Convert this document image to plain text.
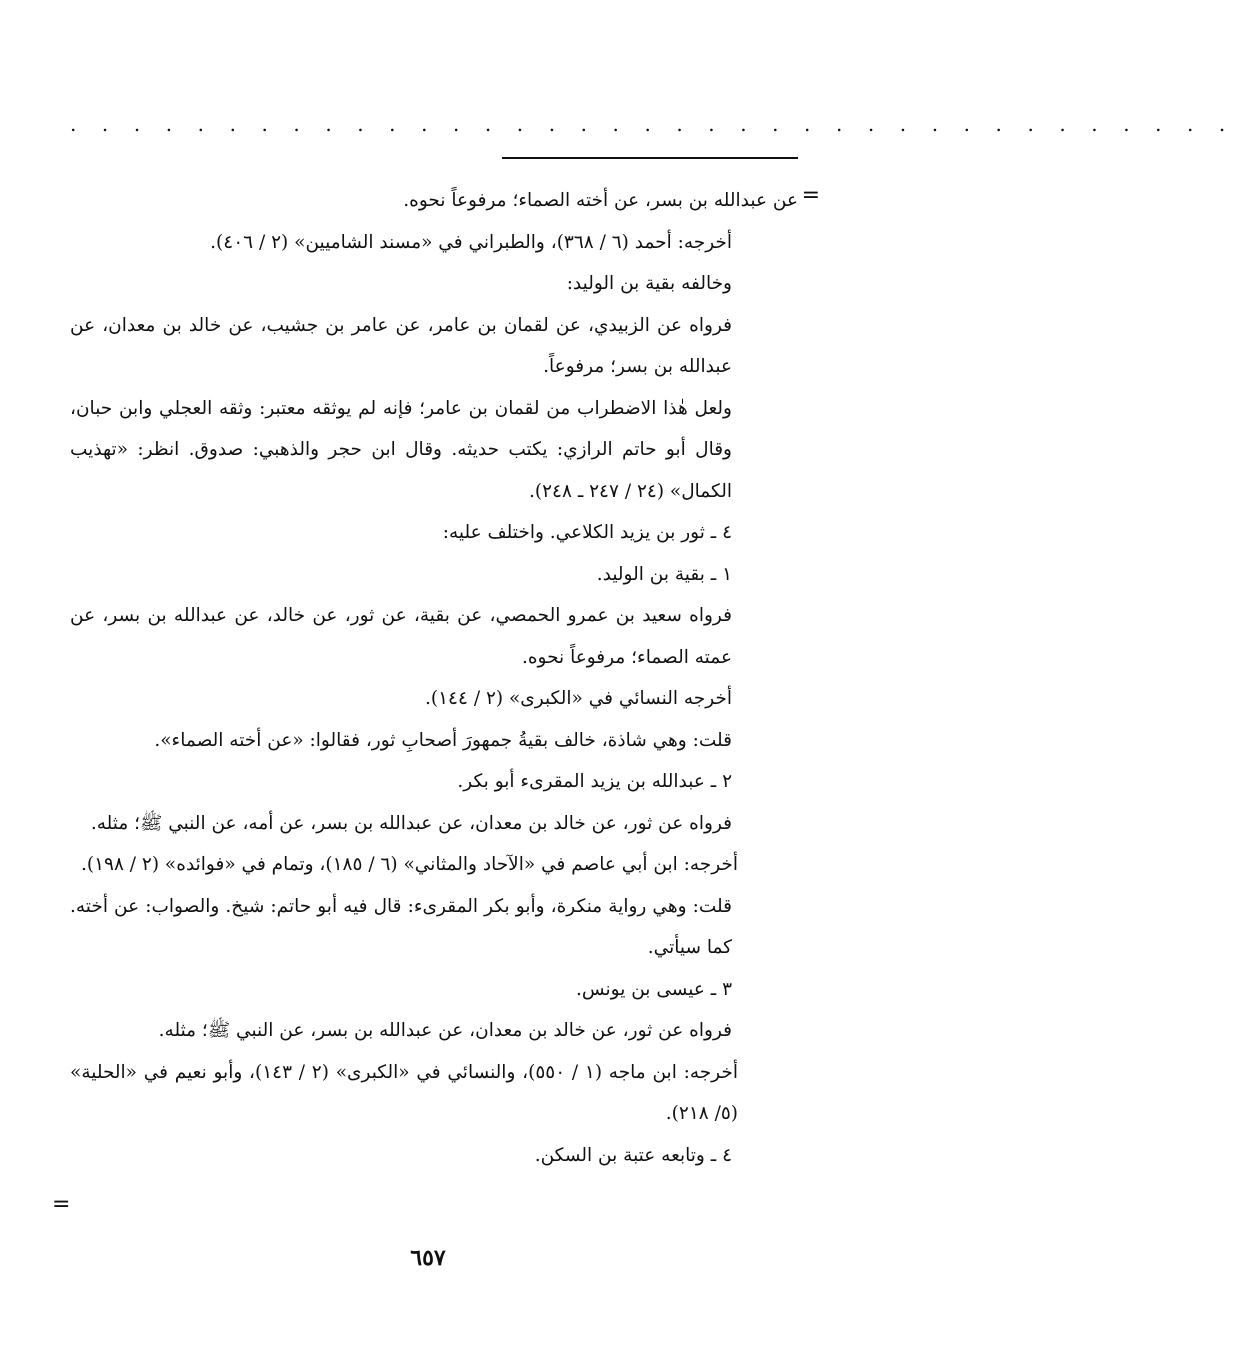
. . . . . . . . . . . . . . . . . . . . . . . . . . . . . . . . . . . . .
=

عن عبدالله بن بسر، عن أخته الصماء؛ مرفوعاً نحوه.

أخرجه: أحمد (٦ / ٣٦٨)، والطبراني في «مسند الشاميين» (٢ / ٤٠٦).

وخالفه بقية بن الوليد:

فرواه عن الزبيدي، عن لقمان بن عامر، عن عامر بن جشيب، عن خالد بن معدان، عن عبدالله بن بسر؛ مرفوعاً.

ولعل هٰذا الاضطراب من لقمان بن عامر؛ فإنه لم يوثقه معتبر: وثقه العجلي وابن حبان، وقال أبو حاتم الرازي: يكتب حديثه. وقال ابن حجر والذهبي: صدوق. انظر: «تهذيب الكمال» (٢٤ / ٢٤٧ ـ ٢٤٨).

٤ ـ ثور بن يزيد الكلاعي. واختلف عليه:

١ ـ بقية بن الوليد.

فرواه سعيد بن عمرو الحمصي، عن بقية، عن ثور، عن خالد، عن عبدالله بن بسر، عن عمته الصماء؛ مرفوعاً نحوه.

أخرجه النسائي في «الكبرى» (٢ / ١٤٤).

قلت: وهي شاذة، خالف بقيةُ جمهورَ أصحابِ ثور، فقالوا: «عن أخته الصماء».

٢ ـ عبدالله بن يزيد المقرىء أبو بكر.

فرواه عن ثور، عن خالد بن معدان، عن عبدالله بن بسر، عن أمه، عن النبي ﷺ؛ مثله.

أخرجه: ابن أبي عاصم في «الآحاد والمثاني» (٦ / ١٨٥)، وتمام في «فوائده» (٢ / ١٩٨).

قلت: وهي رواية منكرة، وأبو بكر المقرىء: قال فيه أبو حاتم: شيخ. والصواب: عن أخته. كما سيأتي.

٣ ـ عيسى بن يونس.

فرواه عن ثور، عن خالد بن معدان، عن عبدالله بن بسر، عن النبي ﷺ؛ مثله.

أخرجه: ابن ماجه (١ / ٥٥٠)، والنسائي في «الكبرى» (٢ / ١٤٣)، وأبو نعيم في «الحلية» (٥/ ٢١٨).

٤ ـ وتابعه عتبة بن السكن.

=
٦٥٧
